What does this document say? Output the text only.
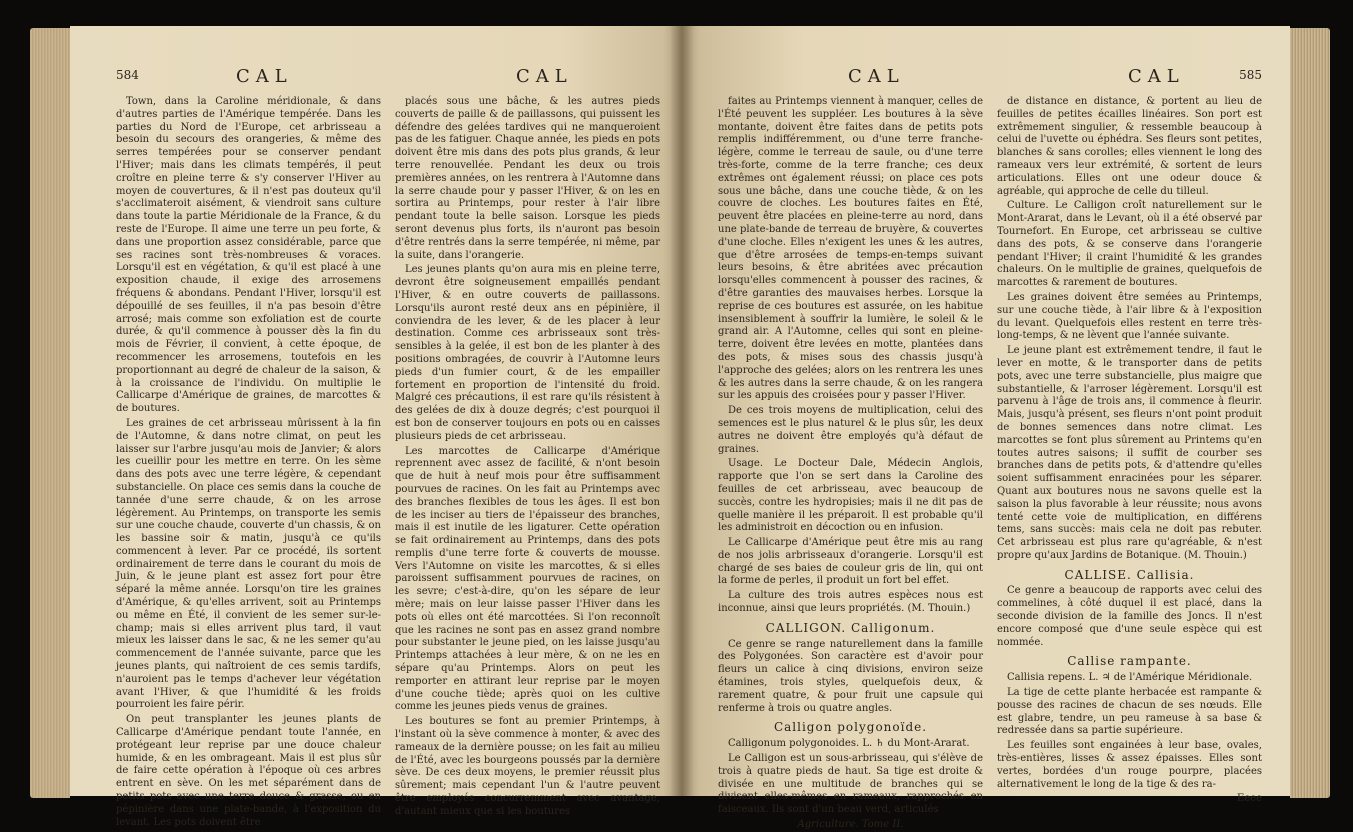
584	CAL	CAL

Town, dans la Caroline méridionale, & dans d'autres parties de l'Amérique tempérée. Dans les parties du Nord de l'Europe, cet arbrisseau a besoin du secours des orangeries, & même des serres tempérées pour se conserver pendant l'Hiver; mais dans les climats tempérés, il peut croître en pleine terre & s'y conserver l'Hiver au moyen de couvertures, & il n'est pas douteux qu'il s'acclimateroit aisément, & viendroit sans culture dans toute la partie Méridionale de la France, & du reste de l'Europe. Il aime une terre un peu forte, & dans une proportion assez considérable, parce que ses racines sont très-nombreuses & voraces. Lorsqu'il est en végétation, & qu'il est placé à une exposition chaude, il exige des arrosemens fréquens & abondans. Pendant l'Hiver, lorsqu'il est dépouillé de ses feuilles, il n'a pas besoin d'être arrosé; mais comme son exfoliation est de courte durée, & qu'il commence à pousser dès la fin du mois de Février, il convient, à cette époque, de recommencer les arrosemens, toutefois en les proportionnant au degré de chaleur de la saison, & à la croissance de l'individu. On multiplie le Callicarpe d'Amérique de graines, de marcottes & de boutures.

Les graines de cet arbrisseau mûrissent à la fin de l'Automne, & dans notre climat, on peut les laisser sur l'arbre jusqu'au mois de Janvier; & alors les cueillir pour les mettre en terre. On les sème dans des pots avec une terre légère, & cependant substancielle. On place ces semis dans la couche de tannée d'une serre chaude, & on les arrose légèrement. Au Printemps, on transporte les semis sur une couche chaude, couverte d'un chassis, & on les bassine soir & matin, jusqu'à ce qu'ils commencent à lever. Par ce procédé, ils sortent ordinairement de terre dans le courant du mois de Juin, & le jeune plant est assez fort pour être séparé la même année. Lorsqu'on tire les graines d'Amérique, & qu'elles arrivent, soit au Printemps ou même en Été, il convient de les semer sur-le-champ; mais si elles arrivent plus tard, il vaut mieux les laisser dans le sac, & ne les semer qu'au commencement de l'année suivante, parce que les jeunes plants, qui naîtroient de ces semis tardifs, n'auroient pas le temps d'achever leur végétation avant l'Hiver, & que l'humidité & les froids pourroient les faire périr.

On peut transplanter les jeunes plants de Callicarpe d'Amérique pendant toute l'année, en protégeant leur reprise par une douce chaleur humide, & en les ombrageant. Mais il est plus sûr de faire cette opération à l'époque où ces arbres entrent en sève. On les met séparément dans de petits pots avec une terre douce & grasse, ou en pépinière dans une plate-bande, à l'exposition du levant. Les pots doivent être

placés sous une bâche, & les autres pieds couverts de paille & de paillassons, qui puissent les défendre des gelées tardives qui ne manqueroient pas de les fatiguer. Chaque année, les pieds en pots doivent être mis dans des pots plus grands, & leur terre renouvellée. Pendant les deux ou trois premières années, on les rentrera à l'Automne dans la serre chaude pour y passer l'Hiver, & on les en sortira au Printemps, pour rester à l'air libre pendant toute la belle saison. Lorsque les pieds seront devenus plus forts, ils n'auront pas besoin d'être rentrés dans la serre tempérée, ni même, par la suite, dans l'orangerie.

Les jeunes plants qu'on aura mis en pleine terre, devront être soigneusement empaillés pendant l'Hiver, & en outre couverts de paillassons. Lorsqu'ils auront resté deux ans en pépinière, il conviendra de les lever, & de les placer à leur destination. Comme ces arbrisseaux sont très-sensibles à la gelée, il est bon de les planter à des positions ombragées, de couvrir à l'Automne leurs pieds d'un fumier court, & de les empailler fortement en proportion de l'intensité du froid. Malgré ces précautions, il est rare qu'ils résistent à des gelées de dix à douze degrés; c'est pourquoi il est bon de conserver toujours en pots ou en caisses plusieurs pieds de cet arbrisseau.

Les marcottes de Callicarpe d'Amérique reprennent avec assez de facilité, & n'ont besoin que de huit à neuf mois pour être suffisamment pourvues de racines. On les fait au Printemps avec des branches flexibles de tous les âges. Il est bon de les inciser au tiers de l'épaisseur des branches, mais il est inutile de les ligaturer. Cette opération se fait ordinairement au Printemps, dans des pots remplis d'une terre forte & couverts de mousse. Vers l'Automne on visite les marcottes, & si elles paroissent suffisamment pourvues de racines, on les sevre; c'est-à-dire, qu'on les sépare de leur mère; mais on leur laisse passer l'Hiver dans les pots où elles ont été marcottées. Si l'on reconnoît que les racines ne sont pas en assez grand nombre pour substanter le jeune pied, on les laisse jusqu'au Printemps attachées à leur mère, & on ne les en sépare qu'au Printemps. Alors on peut les remporter en attirant leur reprise par le moyen d'une couche tiède; après quoi on les cultive comme les jeunes pieds venus de graines.

Les boutures se font au premier Printemps, à l'instant où la sève commence à monter, & avec des rameaux de la dernière pousse; on les fait au milieu de l'Été, avec les bourgeons poussés par la dernière sève. De ces deux moyens, le premier réussit plus sûrement; mais cependant l'un & l'autre peuvent être employés concurremment avec avantage, d'autant mieux que si les boutures

585
CAL	CAL

faites au Printemps viennent à manquer, celles de l'Été peuvent les suppléer. Les boutures à la sève montante, doivent être faites dans de petits pots remplis indifféremment, ou d'une terre franche-légère, comme le terreau de saule, ou d'une terre très-forte, comme de la terre franche; ces deux extrêmes ont également réussi; on place ces pots sous une bâche, dans une couche tiède, & on les couvre de cloches. Les boutures faites en Été, peuvent être placées en pleine-terre au nord, dans une plate-bande de terreau de bruyère, & couvertes d'une cloche. Elles n'exigent les unes & les autres, que d'être arrosées de temps-en-temps suivant leurs besoins, & être abritées avec précaution lorsqu'elles commencent à pousser des racines, & d'être garanties des mauvaises herbes. Lorsque la reprise de ces boutures est assurée, on les habitue insensiblement à souffrir la lumière, le soleil & le grand air. A l'Automne, celles qui sont en pleine-terre, doivent être levées en motte, plantées dans des pots, & mises sous des chassis jusqu'à l'approche des gelées; alors on les rentrera les unes & les autres dans la serre chaude, & on les rangera sur les appuis des croisées pour y passer l'Hiver.

De ces trois moyens de multiplication, celui des semences est le plus naturel & le plus sûr, les deux autres ne doivent être employés qu'à défaut de graines.

Usage. Le Docteur Dale, Médecin Anglois, rapporte que l'on se sert dans la Caroline des feuilles de cet arbrisseau, avec beaucoup de succès, contre les hydropisies; mais il ne dit pas de quelle manière il les préparoit. Il est probable qu'il les administroit en décoction ou en infusion.

Le Callicarpe d'Amérique peut être mis au rang de nos jolis arbrisseaux d'orangerie. Lorsqu'il est chargé de ses baies de couleur gris de lin, qui ont la forme de perles, il produit un fort bel effet.

La culture des trois autres espèces nous est inconnue, ainsi que leurs propriétés. (M. Thouin.)

CALLIGON. Calligonum.

Ce genre se range naturellement dans la famille des Polygonées. Son caractère est d'avoir pour fleurs un calice à cinq divisions, environ seize étamines, trois styles, quelquefois deux, & rarement quatre, & pour fruit une capsule qui renferme à trois ou quatre angles.

Calligon polygonoïde.

Calligonum polygonoides. L. ♄ du Mont-Ararat.

Le Calligon est un sous-arbrisseau, qui s'élève de trois à quatre pieds de haut. Sa tige est droite & divisée en une multitude de branches qui se divisent elles-mêmes en rameaux, rapprochés en faisceaux. Ils sont d'un beau verd, articulés

Agriculture. Tome II.

de distance en distance, & portent au lieu de feuilles de petites écailles linéaires. Son port est extrêmement singulier, & ressemble beaucoup à celui de l'uvette ou éphédra. Ses fleurs sont petites, blanches & sans corolles; elles viennent le long des rameaux vers leur extrémité, & sortent de leurs articulations. Elles ont une odeur douce & agréable, qui approche de celle du tilleul.

Culture. Le Calligon croît naturellement sur le Mont-Ararat, dans le Levant, où il a été observé par Tournefort. En Europe, cet arbrisseau se cultive dans des pots, & se conserve dans l'orangerie pendant l'Hiver; il craint l'humidité & les grandes chaleurs. On le multiplie de graines, quelquefois de marcottes & rarement de boutures.

Les graines doivent être semées au Printemps, sur une couche tiède, à l'air libre & à l'exposition du levant. Quelquefois elles restent en terre très-long-temps, & ne lèvent que l'année suivante.

Le jeune plant est extrêmement tendre, il faut le lever en motte, & le transporter dans de petits pots, avec une terre substancielle, plus maigre que substantielle, & l'arroser légèrement. Lorsqu'il est parvenu à l'âge de trois ans, il commence à fleurir. Mais, jusqu'à présent, ses fleurs n'ont point produit de bonnes semences dans notre climat. Les marcottes se font plus sûrement au Printems qu'en toutes autres saisons; il suffit de courber ses branches dans de petits pots, & d'attendre qu'elles soient suffisamment enracinées pour les séparer. Quant aux boutures nous ne savons quelle est la saison la plus favorable à leur réussite; nous avons tenté cette voie de multiplication, en différens tems, sans succès: mais cela ne doit pas rebuter. Cet arbrisseau est plus rare qu'agréable, & n'est propre qu'aux Jardins de Botanique. (M. Thouin.)

CALLISE. Callisia.

Ce genre a beaucoup de rapports avec celui des commelines, à côté duquel il est placé, dans la seconde division de la famille des Joncs. Il n'est encore composé que d'une seule espèce qui est nommée.

Callise rampante.

Callisia repens. L. ♃ de l'Amérique Méridionale.

La tige de cette plante herbacée est rampante & pousse des racines de chacun de ses nœuds. Elle est glabre, tendre, un peu rameuse à sa base & redressée dans sa partie supérieure.

Les feuilles sont engainées à leur base, ovales, très-entières, lisses & assez épaisses. Elles sont vertes, bordées d'un rouge pourpre, placées alternativement le long de la tige & des ra-

Eeee
